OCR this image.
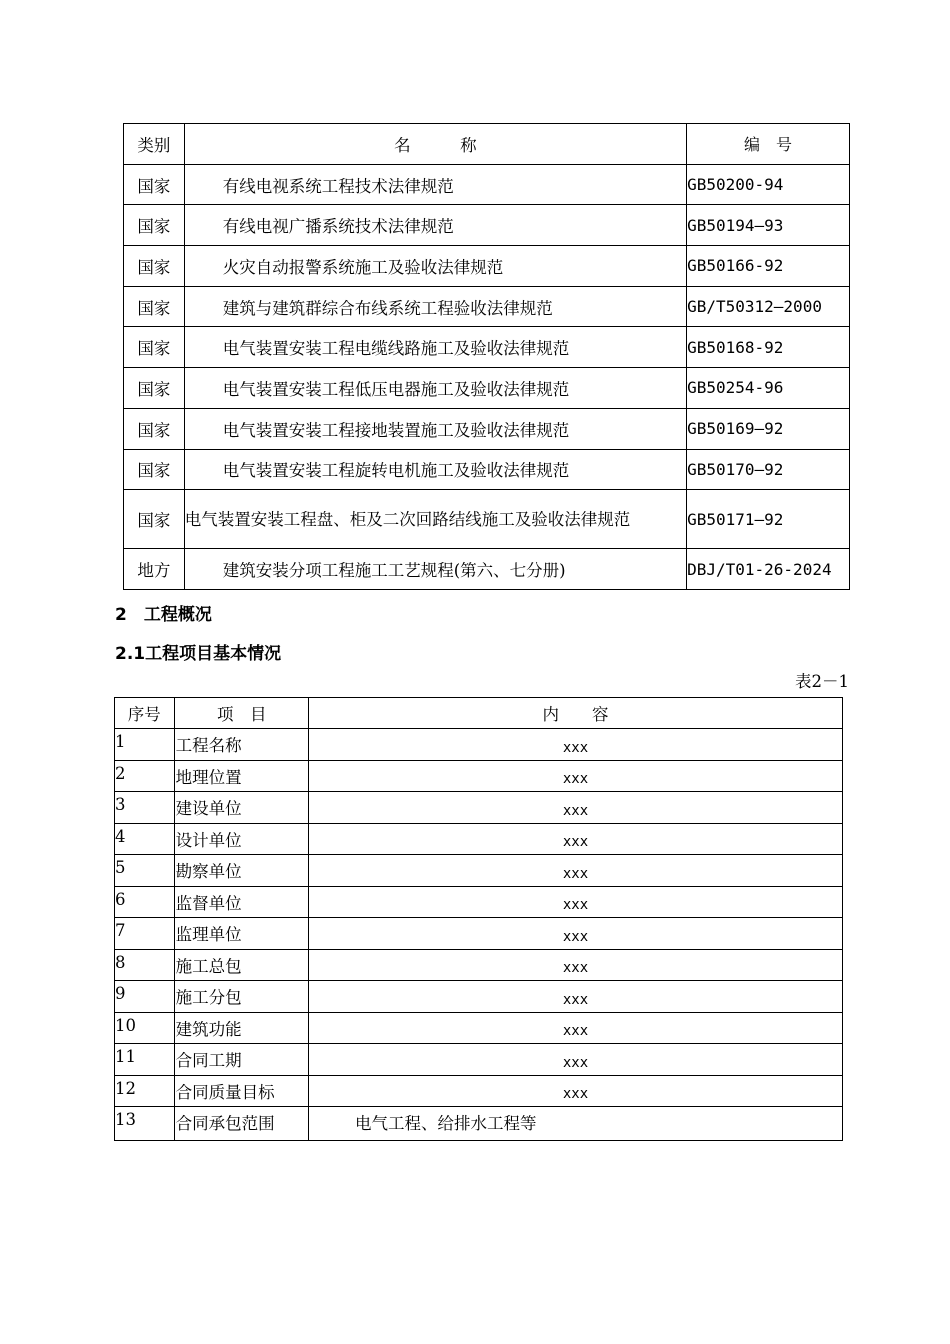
类别	名　　　称	编　号
国家	有线电视系统工程技术法律规范	GB50200-94
国家	有线电视广播系统技术法律规范	GB50194—93
国家	火灾自动报警系统施工及验收法律规范	GB50166-92
国家	建筑与建筑群综合布线系统工程验收法律规范	GB/T50312—2000
国家	电气装置安装工程电缆线路施工及验收法律规范	GB50168-92
国家	电气装置安装工程低压电器施工及验收法律规范	GB50254-96
国家	电气装置安装工程接地装置施工及验收法律规范	GB50169—92
国家	电气装置安装工程旋转电机施工及验收法律规范	GB50170—92
国家	电气装置安装工程盘、柜及二次回路结线施工及验收法律规范	GB50171—92
地方	建筑安装分项工程施工工艺规程(第六、七分册)	DBJ/T01-26-2024
2　工程概况
2.1工程项目基本情况
表2－1
序号	项　目	内　　容
1	工程名称	xxx
2	地理位置	xxx
3	建设单位	xxx
4	设计单位	xxx
5	勘察单位	xxx
6	监督单位	xxx
7	监理单位	xxx
8	施工总包	xxx
9	施工分包	xxx
10	建筑功能	xxx
11	合同工期	xxx
12	合同质量目标	xxx
13	合同承包范围	电气工程、给排水工程等
